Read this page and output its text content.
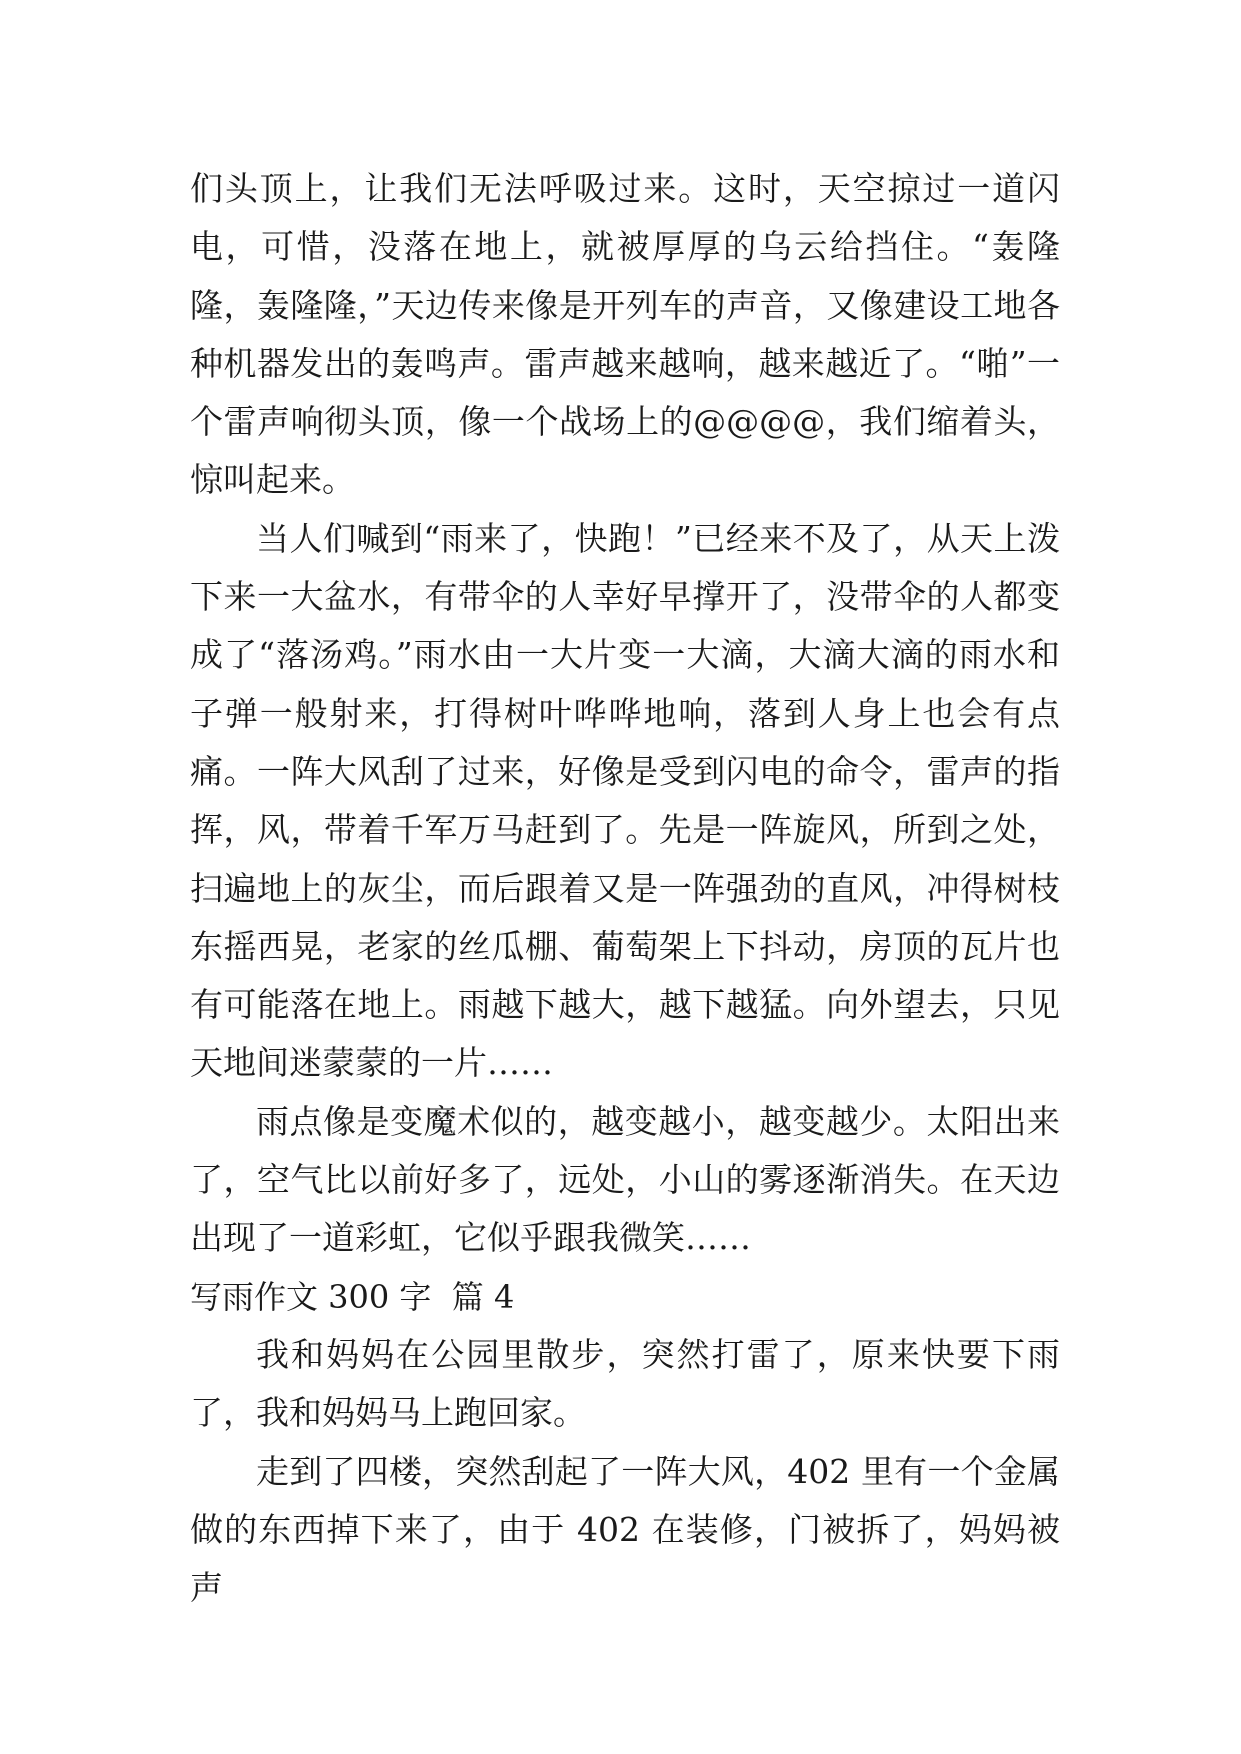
们头顶上，让我们无法呼吸过来。这时，天空掠过一道闪电，可惜，没落在地上，就被厚厚的乌云给挡住。“轰隆隆，轰隆隆，”天边传来像是开列车的声音，又像建设工地各种机器发出的轰鸣声。雷声越来越响，越来越近了。“啪”一个雷声响彻头顶，像一个战场上的@@@@，我们缩着头，惊叫起来。

当人们喊到“雨来了，快跑！”已经来不及了，从天上泼下来一大盆水，有带伞的人幸好早撑开了，没带伞的人都变成了“落汤鸡。”雨水由一大片变一大滴，大滴大滴的雨水和子弹一般射来，打得树叶哗哗地响，落到人身上也会有点痛。一阵大风刮了过来，好像是受到闪电的命令，雷声的指挥，风，带着千军万马赶到了。先是一阵旋风，所到之处，扫遍地上的灰尘，而后跟着又是一阵强劲的直风，冲得树枝东摇西晃，老家的丝瓜棚、葡萄架上下抖动，房顶的瓦片也有可能落在地上。雨越下越大，越下越猛。向外望去，只见天地间迷蒙蒙的一片……

雨点像是变魔术似的，越变越小，越变越少。太阳出来了，空气比以前好多了，远处，小山的雾逐渐消失。在天边出现了一道彩虹，它似乎跟我微笑……

写雨作文 300 字  篇 4

我和妈妈在公园里散步，突然打雷了，原来快要下雨了，我和妈妈马上跑回家。

走到了四楼，突然刮起了一阵大风，402 里有一个金属做的东西掉下来了，由于 402 在装修，门被拆了，妈妈被声
